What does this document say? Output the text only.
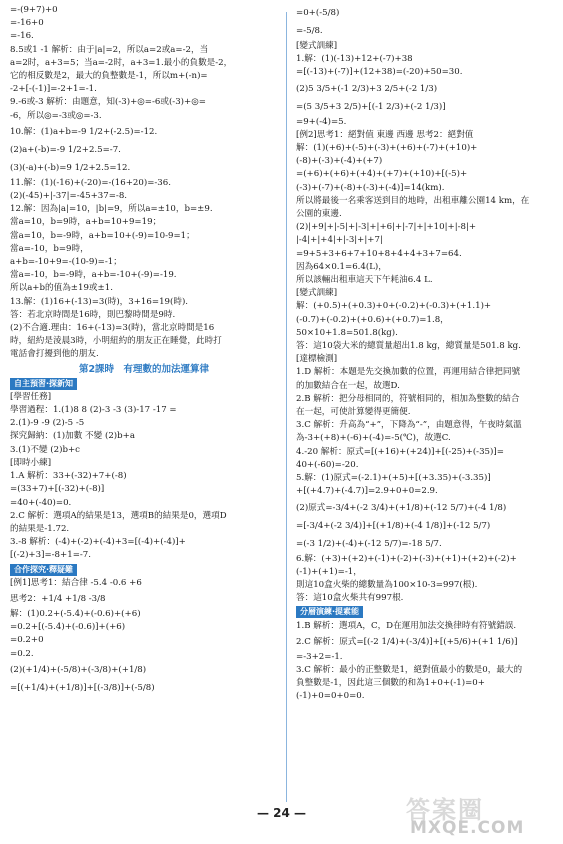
=-(9+7)+0
=-16+0
=-16.
8.5或1 -1 解析：由于|a|=2，所以a=2或a=-2，当
a=2时，a+3=5；当a=-2时，a+3=1.最小的負數是-2，
它的相反數是2，最大的負整數是-1，所以m+(-n)=
-2+[-(-1)]=-2+1=-1.
9.-6或-3 解析：由題意，知(-3)+◎=-6或(-3)+◎=
-6，所以◎=-3或◎=-3.
10.解：(1)a+b=-9 1/2+(-2.5)=-12.
(2)a+(-b)=-9 1/2+2.5=-7.
(3)(-a)+(-b)=9 1/2+2.5=12.
11.解：(1)(-16)+(-20)=-(16+20)=-36.
(2)(-45)+|-37|=-45+37=-8.
12.解：因為|a|=10，|b|=9，所以a=±10，b=±9.
當a=10，b=9時，a+b=10+9=19；
當a=10，b=-9時，a+b=10+(-9)=10-9=1；
當a=-10，b=9時，
a+b=-10+9=-(10-9)=-1；
當a=-10，b=-9時，a+b=-10+(-9)=-19.
所以a+b的值為±19或±1.
13.解：(1)16+(-13)=3(時)，3+16=19(時).
答：若北京時間是16時，則巴黎時間是9時.
(2)不合適.理由：16+(-13)=3(時)，當北京時間是16
時，紐約是淩晨3時，小明紐約的朋友正在睡覺，此時打
電話會打擾到他的朋友.
第2課時　有理數的加法運算律
自主預習·探新知
[學習任務]
學習過程：1.(1)8 8 (2)-3 -3 (3)-17 -17 =
2.(1)-9 -9 (2)-5 -5
探究歸納：(1)加數 不變 (2)b+a
3.(1)不變 (2)b+c
[即時小練]
1.A 解析：33+(-32)+7+(-8)
=(33+7)+[(-32)+(-8)]
=40+(-40)=0.
2.C 解析：選項A的結果是13，選項B的結果是0，選項D
的結果是-1.72.
3.-8 解析：(-4)+(-2)+(-4)+3=[(-4)+(-4)]+
[(-2)+3]=-8+1=-7.
合作探究·釋疑難
[例1]思考1：結合律 -5.4 -0.6 +6
思考2：+1/4 +1/8 -3/8
解：(1)0.2+(-5.4)+(-0.6)+(+6)
=0.2+[(-5.4)+(-0.6)]+(+6)
=0.2+0
=0.2.
(2)(+1/4)+(-5/8)+(-3/8)+(+1/8)
=[(+1/4)+(+1/8)]+[(-3/8)]+(-5/8)
=0+(-5/8)
=-5/8.
[變式訓練]
1.解：(1)(-13)+12+(-7)+38
=[(-13)+(-7)]+(12+38)=(-20)+50=30.
(2)5 3/5+(-1 2/3)+3 2/5+(-2 1/3)
=(5 3/5+3 2/5)+[(-1 2/3)+(-2 1/3)]
=9+(-4)=5.
[例2]思考1：絕對值 東邊 西邊 思考2：絕對值
解：(1)(+6)+(-5)+(-3)+(+6)+(-7)+(+10)+
(-8)+(-3)+(-4)+(+7)
=(+6)+(+6)+(+4)+(+7)+(+10)+[(-5)+
(-3)+(-7)+(-8)+(-3)+(-4)]=14(km).
所以將最後一名乘客送到目的地時，出租車離公園14 km，在
公園的東邊.
(2)|+9|+|-5|+|-3|+|+6|+|-7|+|+10|+|-8|+
|-4|+|+4|+|-3|+|+7|
=9+5+3+6+7+10+8+4+4+3+7=64.
因為64×0.1=6.4(L)，
所以該輛出租車這天下午耗油6.4 L.
[變式訓練]
解：(+0.5)+(+0.3)+0+(-0.2)+(-0.3)+(+1.1)+
(-0.7)+(-0.2)+(+0.6)+(+0.7)=1.8，
50×10+1.8=501.8(kg).
答：這10袋大米的總質量超出1.8 kg，總質量是501.8 kg.
[達標檢測]
1.D 解析：本題是先交換加數的位置，再運用結合律把同號
的加數結合在一起，故選D.
2.B 解析：把分母相同的，符號相同的，相加為整數的結合
在一起，可使計算變得更簡便.
3.C 解析：升高為“+”，下降為“-”，由題意得，午夜時氣溫
為-3+(+8)+(-6)+(-4)=-5(℃)，故選C.
4.-20 解析：原式=[(+16)+(+24)]+[(-25)+(-35)]=
40+(-60)=-20.
5.解：(1)原式=(-2.1)+(+5)+[(+3.35)+(-3.35)]
+[(+4.7)+(-4.7)]=2.9+0+0=2.9.
(2)原式=-3/4+(-2 3/4)+(+1/8)+(-12 5/7)+(-4 1/8)
=[-3/4+(-2 3/4)]+[(+1/8)+(-4 1/8)]+(-12 5/7)
=(-3 1/2)+(-4)+(-12 5/7)=-18 5/7.
6.解：(+3)+(+2)+(-1)+(-2)+(-3)+(+1)+(+2)+(-2)+
(-1)+(+1)=-1，
則這10盒火柴的總數量為100×10-3=997(根).
答：這10盒火柴共有997根.
分層演練·提素能
1.B 解析：選項A，C，D在運用加法交換律時有符號錯誤.
2.C 解析：原式=[(-2 1/4)+(-3/4)]+[(+5/6)+(+1 1/6)]
=-3+2=-1.
3.C 解析：最小的正整數是1，絕對值最小的數是0，最大的
負整數是-1，因此這三個數的和為1+0+(-1)=0+
(-1)+0=0+0=0.
— 24 —	答案圈
MXQE.COM
